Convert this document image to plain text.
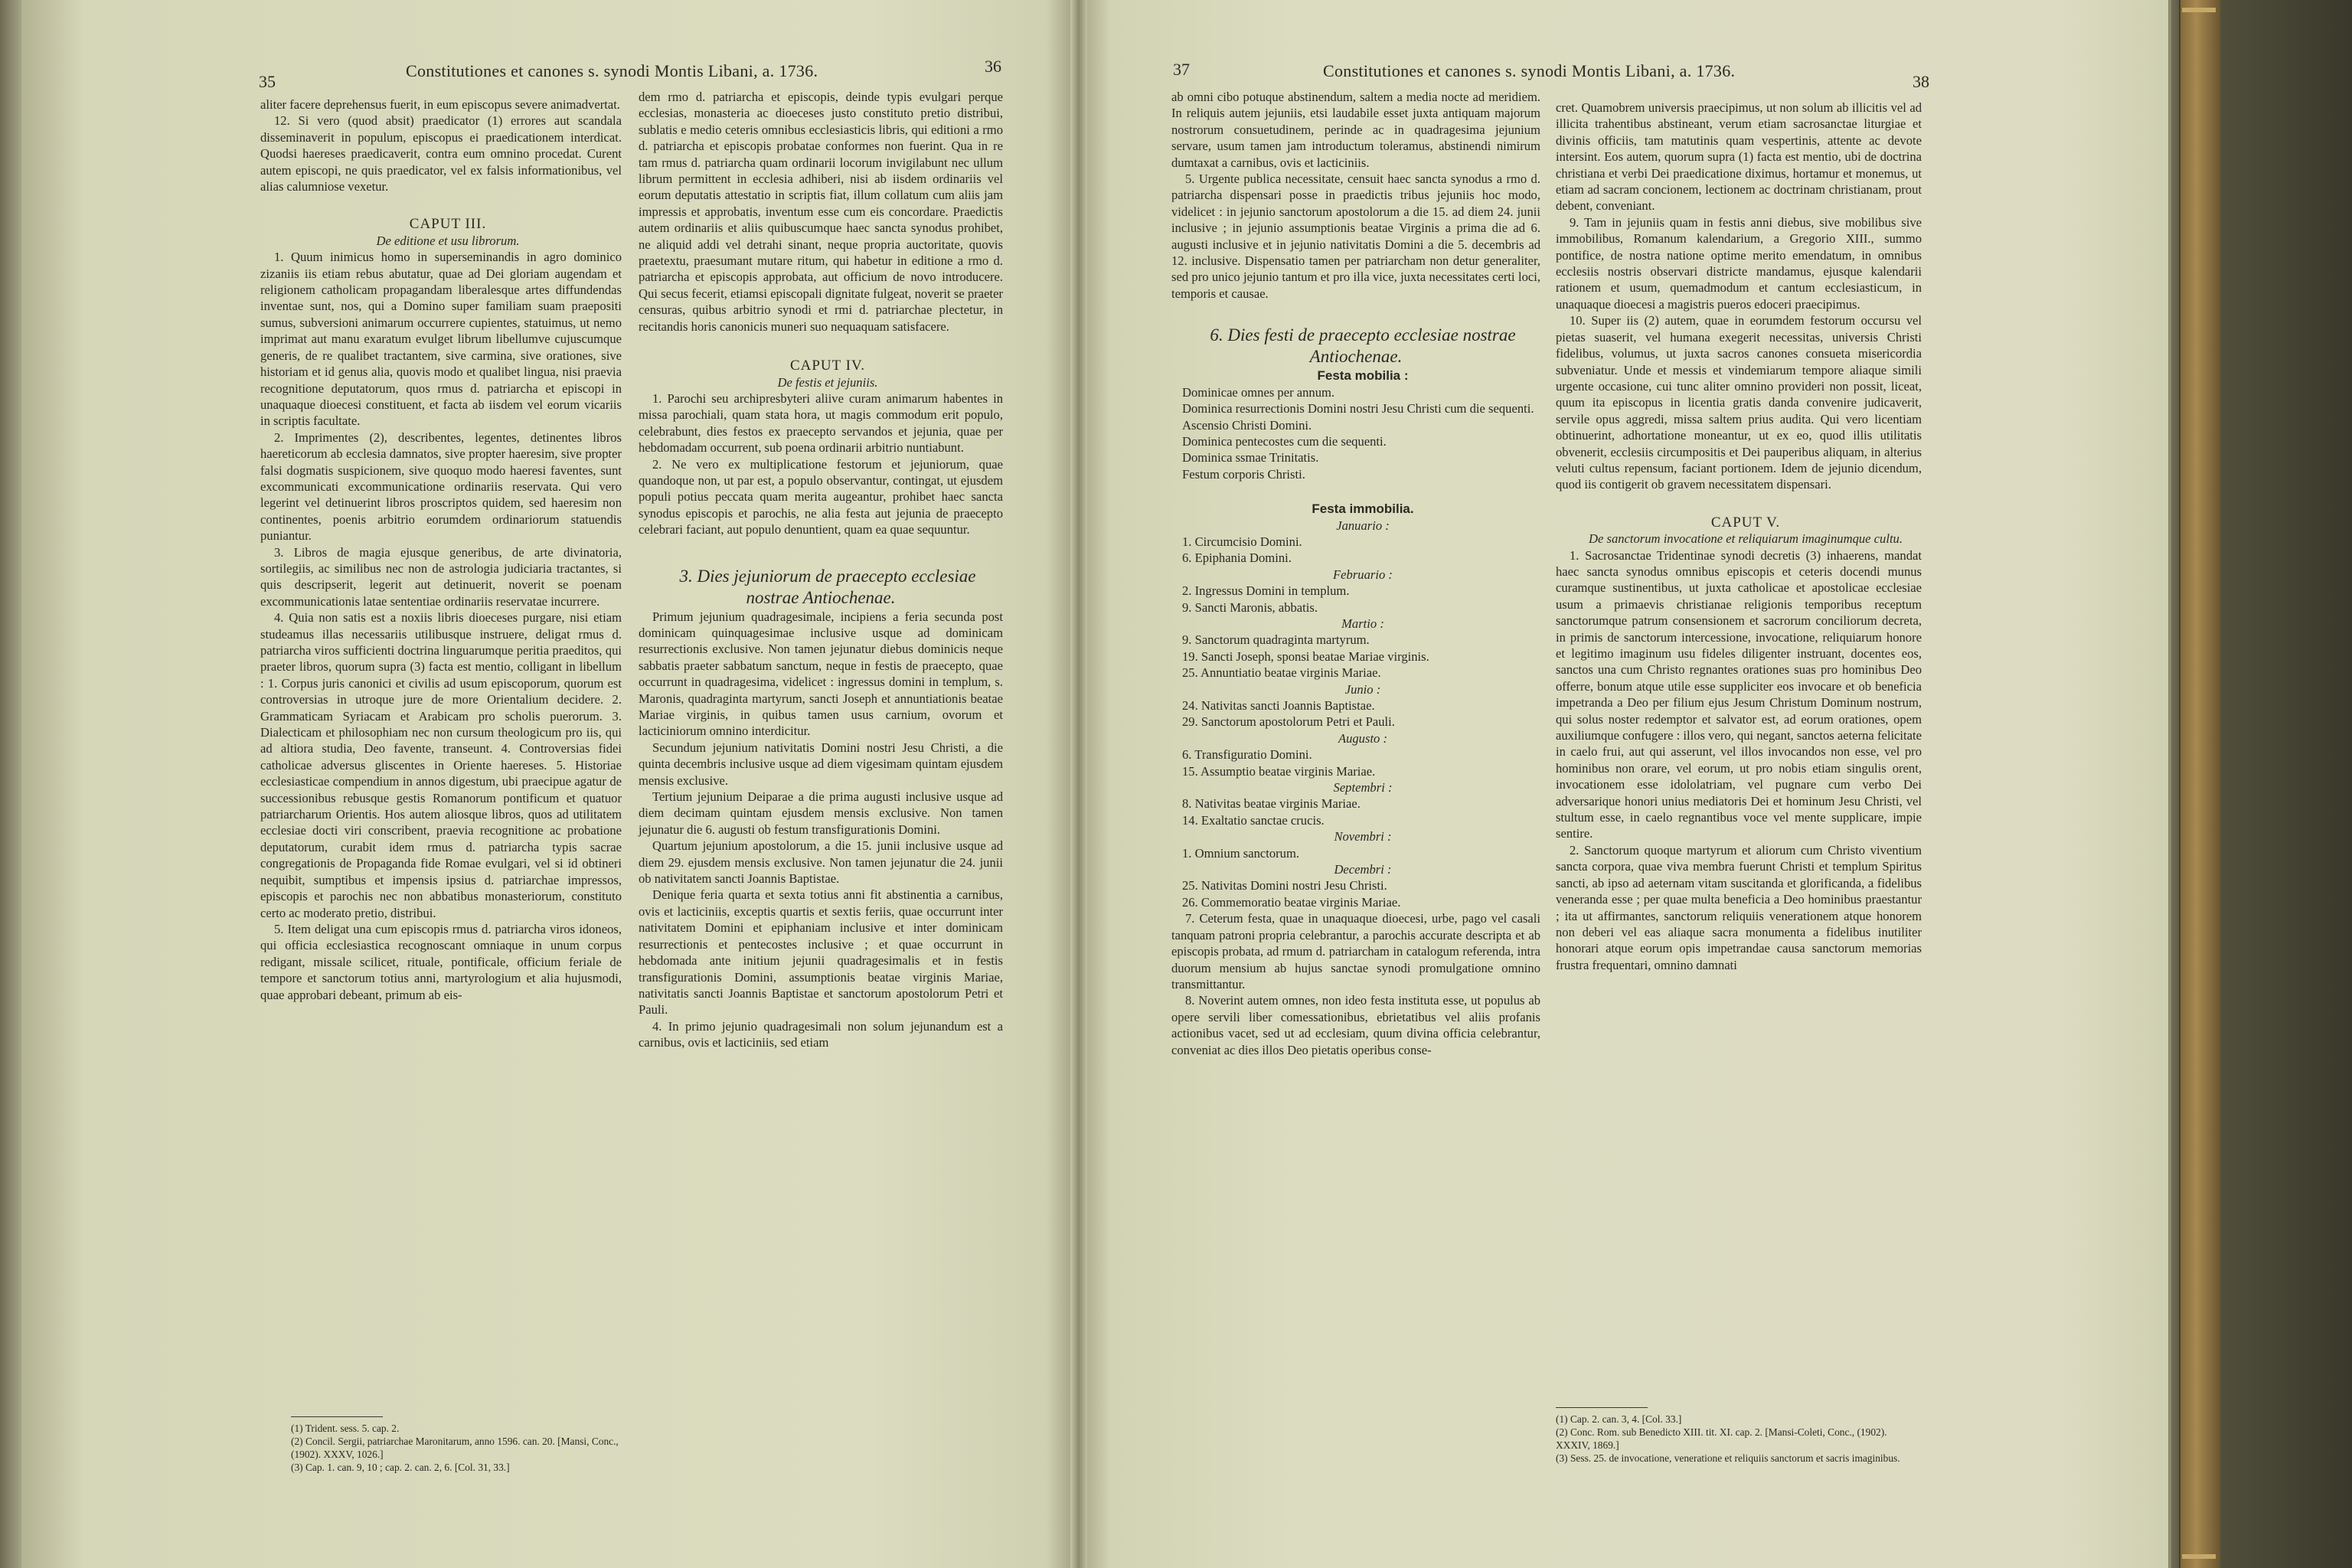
35
Constitutiones et canones s. synodi Montis Libani, a. 1736.	36	37	Constitutiones et canones s. synodi Montis Libani, a. 1736.
38

aliter facere deprehensus fuerit, in eum episcopus severe animadvertat.

12. Si vero (quod absit) praedicator (1) errores aut scandala disseminaverit in populum, episcopus ei praedicationem interdicat. Quodsi haereses praedicaverit, contra eum omnino procedat. Curent autem episcopi, ne quis praedicator, vel ex falsis informationibus, vel alias calumniose vexetur.

CAPUT III.

De editione et usu librorum.

1. Quum inimicus homo in superseminandis in agro dominico zizaniis iis etiam rebus abutatur, quae ad Dei gloriam augendam et religionem catholicam propagandam liberalesque artes diffundendas inventae sunt, nos, qui a Domino super familiam suam praepositi sumus, subversioni animarum occurrere cupientes, statuimus, ut nemo imprimat aut manu exaratum evulget librum libellumve cujuscumque generis, de re qualibet tractantem, sive carmina, sive orationes, sive historiam et id genus alia, quovis modo et qualibet lingua, nisi praevia recognitione deputatorum, quos rmus d. patriarcha et episcopi in unaquaque dioecesi constituent, et facta ab iisdem vel eorum vicariis in scriptis facultate.

2. Imprimentes (2), describentes, legentes, detinentes libros haereticorum ab ecclesia damnatos, sive propter haeresim, sive propter falsi dogmatis suspicionem, sive quoquo modo haeresi faventes, sunt excommunicati excommunicatione ordinariis reservata. Qui vero legerint vel detinuerint libros proscriptos quidem, sed haeresim non continentes, poenis arbitrio eorumdem ordinariorum statuendis puniantur.

3. Libros de magia ejusque generibus, de arte divinatoria, sortilegiis, ac similibus nec non de astrologia judiciaria tractantes, si quis descripserit, legerit aut detinuerit, noverit se poenam excommunicationis latae sententiae ordinariis reservatae incurrere.

4. Quia non satis est a noxiis libris dioeceses purgare, nisi etiam studeamus illas necessariis utilibusque instruere, deligat rmus d. patriarcha viros sufficienti doctrina linguarumque peritia praeditos, qui praeter libros, quorum supra (3) facta est mentio, colligant in libellum : 1. Corpus juris canonici et civilis ad usum episcoporum, quorum est controversias in utroque jure de more Orientalium decidere. 2. Grammaticam Syriacam et Arabicam pro scholis puerorum. 3. Dialecticam et philosophiam nec non cursum theologicum pro iis, qui ad altiora studia, Deo favente, transeunt. 4. Controversias fidei catholicae adversus gliscentes in Oriente haereses. 5. Historiae ecclesiasticae compendium in annos digestum, ubi praecipue agatur de successionibus rebusque gestis Romanorum pontificum et quatuor patriarcharum Orientis. Hos autem aliosque libros, quos ad utilitatem ecclesiae docti viri conscribent, praevia recognitione ac probatione deputatorum, curabit idem rmus d. patriarcha typis sacrae congregationis de Propaganda fide Romae evulgari, vel si id obtineri nequibit, sumptibus et impensis ipsius d. patriarchae impressos, episcopis et parochis nec non abbatibus monasteriorum, constituto certo ac moderato pretio, distribui.

5. Item deligat una cum episcopis rmus d. patriarcha viros idoneos, qui officia ecclesiastica recognoscant omniaque in unum corpus redigant, missale scilicet, rituale, pontificale, officium feriale de tempore et sanctorum totius anni, martyrologium et alia hujusmodi, quae approbari debeant, primum ab eis-

(1) Trident. sess. 5. cap. 2.
(2) Concil. Sergii, patriarchae Maronitarum, anno 1596. can. 20. [Mansi, Conc., (1902). XXXV, 1026.]
(3) Cap. 1. can. 9, 10 ; cap. 2. can. 2, 6. [Col. 31, 33.]

dem rmo d. patriarcha et episcopis, deinde typis evulgari perque ecclesias, monasteria ac dioeceses justo constituto pretio distribui, sublatis e medio ceteris omnibus ecclesiasticis libris, qui editioni a rmo d. patriarcha et episcopis probatae conformes non fuerint. Qua in re tam rmus d. patriarcha quam ordinarii locorum invigilabunt nec ullum librum permittent in ecclesia adhiberi, nisi ab iisdem ordinariis vel eorum deputatis attestatio in scriptis fiat, illum collatum cum aliis jam impressis et approbatis, inventum esse cum eis concordare. Praedictis autem ordinariis et aliis quibuscumque haec sancta synodus prohibet, ne aliquid addi vel detrahi sinant, neque propria auctoritate, quovis praetextu, praesumant mutare ritum, qui habetur in editione a rmo d. patriarcha et episcopis approbata, aut officium de novo introducere. Qui secus fecerit, etiamsi episcopali dignitate fulgeat, noverit se praeter censuras, quibus arbitrio synodi et rmi d. patriarchae plectetur, in recitandis horis canonicis muneri suo nequaquam satisfacere.

CAPUT IV.

De festis et jejuniis.

1. Parochi seu archipresbyteri aliive curam animarum habentes in missa parochiali, quam stata hora, ut magis commodum erit populo, celebrabunt, dies festos ex praecepto servandos et jejunia, quae per hebdomadam occurrent, sub poena ordinarii arbitrio nuntiabunt.

2. Ne vero ex multiplicatione festorum et jejuniorum, quae quandoque non, ut par est, a populo observantur, contingat, ut ejusdem populi potius peccata quam merita augeantur, prohibet haec sancta synodus episcopis et parochis, ne alia festa aut jejunia de praecepto celebrari faciant, aut populo denuntient, quam ea quae sequuntur.

3. Dies jejuniorum de praecepto ecclesiae nostrae Antiochenae.

Primum jejunium quadragesimale, incipiens a feria secunda post dominicam quinquagesimae inclusive usque ad dominicam resurrectionis exclusive. Non tamen jejunatur diebus dominicis neque sabbatis praeter sabbatum sanctum, neque in festis de praecepto, quae occurrunt in quadragesima, videlicet : ingressus domini in templum, s. Maronis, quadraginta martyrum, sancti Joseph et annuntiationis beatae Mariae virginis, in quibus tamen usus carnium, ovorum et lacticiniorum omnino interdicitur.

Secundum jejunium nativitatis Domini nostri Jesu Christi, a die quinta decembris inclusive usque ad diem vigesimam quintam ejusdem mensis exclusive.

Tertium jejunium Deiparae a die prima augusti inclusive usque ad diem decimam quintam ejusdem mensis exclusive. Non tamen jejunatur die 6. augusti ob festum transfigurationis Domini.

Quartum jejunium apostolorum, a die 15. junii inclusive usque ad diem 29. ejusdem mensis exclusive. Non tamen jejunatur die 24. junii ob nativitatem sancti Joannis Baptistae.

Denique feria quarta et sexta totius anni fit abstinentia a carnibus, ovis et lacticiniis, exceptis quartis et sextis feriis, quae occurrunt inter nativitatem Domini et epiphaniam inclusive et inter dominicam resurrectionis et pentecostes inclusive ; et quae occurrunt in hebdomada ante initium jejunii quadragesimalis et in festis transfigurationis Domini, assumptionis beatae virginis Mariae, nativitatis sancti Joannis Baptistae et sanctorum apostolorum Petri et Pauli.

4. In primo jejunio quadragesimali non solum jejunandum est a carnibus, ovis et lacticiniis, sed etiam

ab omni cibo potuque abstinendum, saltem a media nocte ad meridiem. In reliquis autem jejuniis, etsi laudabile esset juxta antiquam majorum nostrorum consuetudinem, perinde ac in quadragesima jejunium servare, usum tamen jam introductum toleramus, abstinendi nimirum dumtaxat a carnibus, ovis et lacticiniis.

5. Urgente publica necessitate, censuit haec sancta synodus a rmo d. patriarcha dispensari posse in praedictis tribus jejuniis hoc modo, videlicet : in jejunio sanctorum apostolorum a die 15. ad diem 24. junii inclusive ; in jejunio assumptionis beatae Virginis a prima die ad 6. augusti inclusive et in jejunio nativitatis Domini a die 5. decembris ad 12. inclusive. Dispensatio tamen per patriarcham non detur generaliter, sed pro unico jejunio tantum et pro illa vice, juxta necessitates certi loci, temporis et causae.

6. Dies festi de praecepto ecclesiae nostrae Antiochenae.

Festa mobilia :

Dominicae omnes per annum.

Dominica resurrectionis Domini nostri Jesu Christi cum die sequenti.

Ascensio Christi Domini.

Dominica pentecostes cum die sequenti.

Dominica ssmae Trinitatis.

Festum corporis Christi.

Festa immobilia.

Januario :

1. Circumcisio Domini.

6. Epiphania Domini.

Februario :

2. Ingressus Domini in templum.

9. Sancti Maronis, abbatis.

Martio :

9. Sanctorum quadraginta martyrum.

19. Sancti Joseph, sponsi beatae Mariae virginis.

25. Annuntiatio beatae virginis Mariae.

Junio :

24. Nativitas sancti Joannis Baptistae.

29. Sanctorum apostolorum Petri et Pauli.

Augusto :

6. Transfiguratio Domini.

15. Assumptio beatae virginis Mariae.

Septembri :

8. Nativitas beatae virginis Mariae.

14. Exaltatio sanctae crucis.

Novembri :

1. Omnium sanctorum.

Decembri :

25. Nativitas Domini nostri Jesu Christi.

26. Commemoratio beatae virginis Mariae.

7. Ceterum festa, quae in unaquaque dioecesi, urbe, pago vel casali tanquam patroni propria celebrantur, a parochis accurate descripta et ab episcopis probata, ad rmum d. patriarcham in catalogum referenda, intra duorum mensium ab hujus sanctae synodi promulgatione omnino transmittantur.

8. Noverint autem omnes, non ideo festa instituta esse, ut populus ab opere servili liber comessationibus, ebrietatibus vel aliis profanis actionibus vacet, sed ut ad ecclesiam, quum divina officia celebrantur, conveniat ac dies illos Deo pietatis operibus conse-

cret. Quamobrem universis praecipimus, ut non solum ab illicitis vel ad illicita trahentibus abstineant, verum etiam sacrosanctae liturgiae et divinis officiis, tam matutinis quam vespertinis, attente ac devote intersint. Eos autem, quorum supra (1) facta est mentio, ubi de doctrina christiana et verbi Dei praedicatione diximus, hortamur et monemus, ut etiam ad sacram concionem, lectionem ac doctrinam christianam, prout debent, conveniant.

9. Tam in jejuniis quam in festis anni diebus, sive mobilibus sive immobilibus, Romanum kalendarium, a Gregorio XIII., summo pontifice, de nostra natione optime merito emendatum, in omnibus ecclesiis nostris observari districte mandamus, ejusque kalendarii rationem et usum, quemadmodum et cantum ecclesiasticum, in unaquaque dioecesi a magistris pueros edoceri praecipimus.

10. Super iis (2) autem, quae in eorumdem festorum occursu vel pietas suaserit, vel humana exegerit necessitas, universis Christi fidelibus, volumus, ut juxta sacros canones consueta misericordia subveniatur. Unde et messis et vindemiarum tempore aliaque simili urgente occasione, cui tunc aliter omnino provideri non possit, liceat, quum ita episcopus in licentia gratis danda convenire judicaverit, servile opus aggredi, missa saltem prius audita. Qui vero licentiam obtinuerint, adhortatione moneantur, ut ex eo, quod illis utilitatis obvenerit, ecclesiis circumpositis et Dei pauperibus aliquam, in alterius veluti cultus repensum, faciant portionem. Idem de jejunio dicendum, quod iis contigerit ob gravem necessitatem dispensari.

CAPUT V.

De sanctorum invocatione et reliquiarum imaginumque cultu.

1. Sacrosanctae Tridentinae synodi decretis (3) inhaerens, mandat haec sancta synodus omnibus episcopis et ceteris docendi munus curamque sustinentibus, ut juxta catholicae et apostolicae ecclesiae usum a primaevis christianae religionis temporibus receptum sanctorumque patrum consensionem et sacrorum conciliorum decreta, in primis de sanctorum intercessione, invocatione, reliquiarum honore et legitimo imaginum usu fideles diligenter instruant, docentes eos, sanctos una cum Christo regnantes orationes suas pro hominibus Deo offerre, bonum atque utile esse suppliciter eos invocare et ob beneficia impetranda a Deo per filium ejus Jesum Christum Dominum nostrum, qui solus noster redemptor et salvator est, ad eorum orationes, opem auxiliumque confugere : illos vero, qui negant, sanctos aeterna felicitate in caelo frui, aut qui asserunt, vel illos invocandos non esse, vel pro hominibus non orare, vel eorum, ut pro nobis etiam singulis orent, invocationem esse idololatriam, vel pugnare cum verbo Dei adversarique honori unius mediatoris Dei et hominum Jesu Christi, vel stultum esse, in caelo regnantibus voce vel mente supplicare, impie sentire.

2. Sanctorum quoque martyrum et aliorum cum Christo viventium sancta corpora, quae viva membra fuerunt Christi et templum Spiritus sancti, ab ipso ad aeternam vitam suscitanda et glorificanda, a fidelibus veneranda esse ; per quae multa beneficia a Deo hominibus praestantur ; ita ut affirmantes, sanctorum reliquiis venerationem atque honorem non deberi vel eas aliaque sacra monumenta a fidelibus inutiliter honorari atque eorum opis impetrandae causa sanctorum memorias frustra frequentari, omnino damnati

(1) Cap. 2. can. 3, 4. [Col. 33.]
(2) Conc. Rom. sub Benedicto XIII. tit. XI. cap. 2. [Mansi-Coleti, Conc., (1902). XXXIV, 1869.]
(3) Sess. 25. de invocatione, veneratione et reliquiis sanctorum et sacris imaginibus.
